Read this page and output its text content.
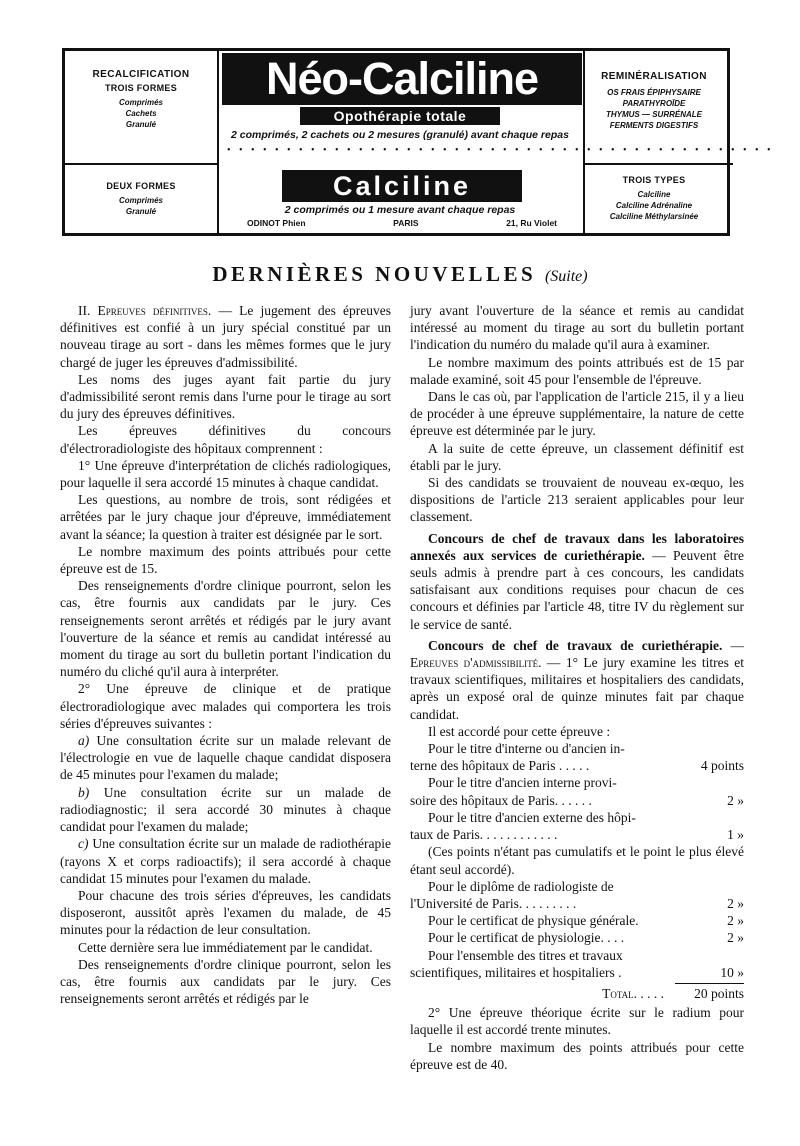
RECALCIFICATION
TROIS FORMES
Comprimés
Cachets
Granulé
DEUX FORMES
Comprimés
Granulé
Néo-Calciline
Opothérapie totale
2 comprimés, 2 cachets ou 2 mesures (granulé) avant chaque repas
• • • • • • • • • • • • • • • • • • • • • • • • • • • • • • • • • • • • • • • • • • • • • •
Calciline
2 comprimés ou 1 mesure avant chaque repas
ODINOT Phien	PARIS	21, Ru Violet
REMINÉRALISATION
OS FRAIS ÉPIPHYSAIRE
PARATHYROÏDE
THYMUS — SURRÉNALE
FERMENTS DIGESTIFS
TROIS TYPES
Calciline
Calciline Adrénaline
Calciline Méthylarsinée
DERNIÈRES NOUVELLES (Suite)

II. Epreuves définitives. — Le jugement des épreuves définitives est confié à un jury spécial constitué par un nouveau tirage au sort - dans les mêmes formes que le jury chargé de juger les épreuves d'admissibilité.

Les noms des juges ayant fait partie du jury d'admissibilité seront remis dans l'urne pour le tirage au sort du jury des épreuves définitives.

Les épreuves définitives du concours d'électroradiologiste des hôpitaux comprennent :

1° Une épreuve d'interprétation de clichés radiologiques, pour laquelle il sera accordé 15 minutes à chaque candidat.

Les questions, au nombre de trois, sont rédigées et arrêtées par le jury chaque jour d'épreuve, immédiatement avant la séance; la question à traiter est désignée par le sort.

Le nombre maximum des points attribués pour cette épreuve est de 15.

Des renseignements d'ordre clinique pourront, selon les cas, être fournis aux candidats par le jury. Ces renseignements seront arrêtés et rédigés par le jury avant l'ouverture de la séance et remis au candidat intéressé au moment du tirage au sort du bulletin portant l'indication du numéro du cliché qu'il aura à interpréter.

2° Une épreuve de clinique et de pratique électroradiologique avec malades qui comportera les trois séries d'épreuves suivantes :

a) Une consultation écrite sur un malade relevant de l'électrologie en vue de laquelle chaque candidat disposera de 45 minutes pour l'examen du malade;

b) Une consultation écrite sur un malade de radiodiagnostic; il sera accordé 30 minutes à chaque candidat pour l'examen du malade;

c) Une consultation écrite sur un malade de radiothérapie (rayons X et corps radioactifs); il sera accordé à chaque candidat 15 minutes pour l'examen du malade.

Pour chacune des trois séries d'épreuves, les candidats disposeront, aussitôt après l'examen du malade, de 45 minutes pour la rédaction de leur consultation.

Cette dernière sera lue immédiatement par le candidat.

Des renseignements d'ordre clinique pourront, selon les cas, être fournis aux candidats par le jury. Ces renseignements seront arrêtés et rédigés par le

jury avant l'ouverture de la séance et remis au candidat intéressé au moment du tirage au sort du bulletin portant l'indication du numéro du malade qu'il aura à examiner.

Le nombre maximum des points attribués est de 15 par malade examiné, soit 45 pour l'ensemble de l'épreuve.

Dans le cas où, par l'application de l'article 215, il y a lieu de procéder à une épreuve supplémentaire, la nature de cette épreuve est déterminée par le jury.

A la suite de cette épreuve, un classement définitif est établi par le jury.

Si des candidats se trouvaient de nouveau ex-œquo, les dispositions de l'article 213 seraient applicables pour leur classement.

Concours de chef de travaux dans les laboratoires annexés aux services de curiethérapie. — Peuvent être seuls admis à prendre part à ces concours, les candidats satisfaisant aux conditions requises pour chacun de ces concours et définies par l'article 48, titre IV du règlement sur le service de santé.

Concours de chef de travaux de curiethérapie. — Epreuves d'admissibilité. — 1° Le jury examine les titres et travaux scientifiques, militaires et hospitaliers des candidats, après un exposé oral de quinze minutes fait par chaque candidat.

Il est accordé pour cette épreuve :

Pour le titre d'interne ou d'ancien in-
terne des hôpitaux de Paris . . . . .	4 points
Pour le titre d'ancien interne provi-
soire des hôpitaux de Paris. . . . . .	2 »
Pour le titre d'ancien externe des hôpi-
taux de Paris. . . . . . . . . . . .	1 »

(Ces points n'étant pas cumulatifs et le point le plus élevé étant seul accordé).

Pour le diplôme de radiologiste de
l'Université de Paris. . . . . . . . .	2 »
Pour le certificat de physique générale.	2 »
Pour le certificat de physiologie. . . .	2 »
Pour l'ensemble des titres et travaux
scientifiques, militaires et hospitaliers .	10 »
Total. . . . .	20 points

2° Une épreuve théorique écrite sur le radium pour laquelle il est accordé trente minutes.

Le nombre maximum des points attribués pour cette épreuve est de 40.
